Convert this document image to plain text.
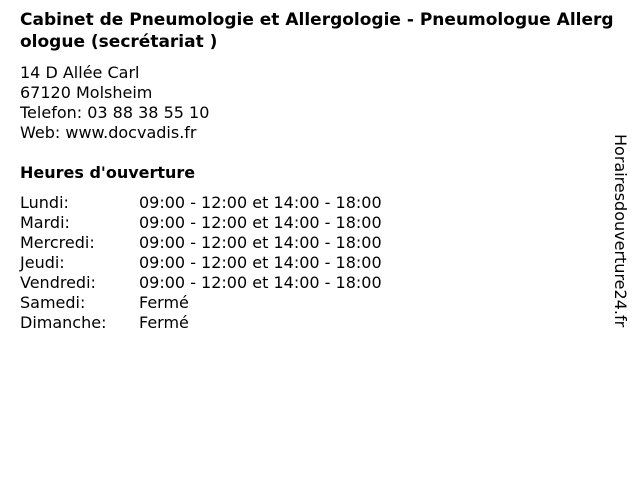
Cabinet de Pneumologie et Allergologie - Pneumologue Allergologue (secrétariat )
14 D Allée Carl
67120 Molsheim
Telefon: 03 88 38 55 10
Web: www.docvadis.fr
Heures d'ouverture
Lundi:	09:00 - 12:00 et 14:00 - 18:00
Mardi:	09:00 - 12:00 et 14:00 - 18:00
Mercredi:	09:00 - 12:00 et 14:00 - 18:00
Jeudi:	09:00 - 12:00 et 14:00 - 18:00
Vendredi:	09:00 - 12:00 et 14:00 - 18:00
Samedi:	Fermé
Dimanche:	Fermé	Horairesdouverture24.fr
